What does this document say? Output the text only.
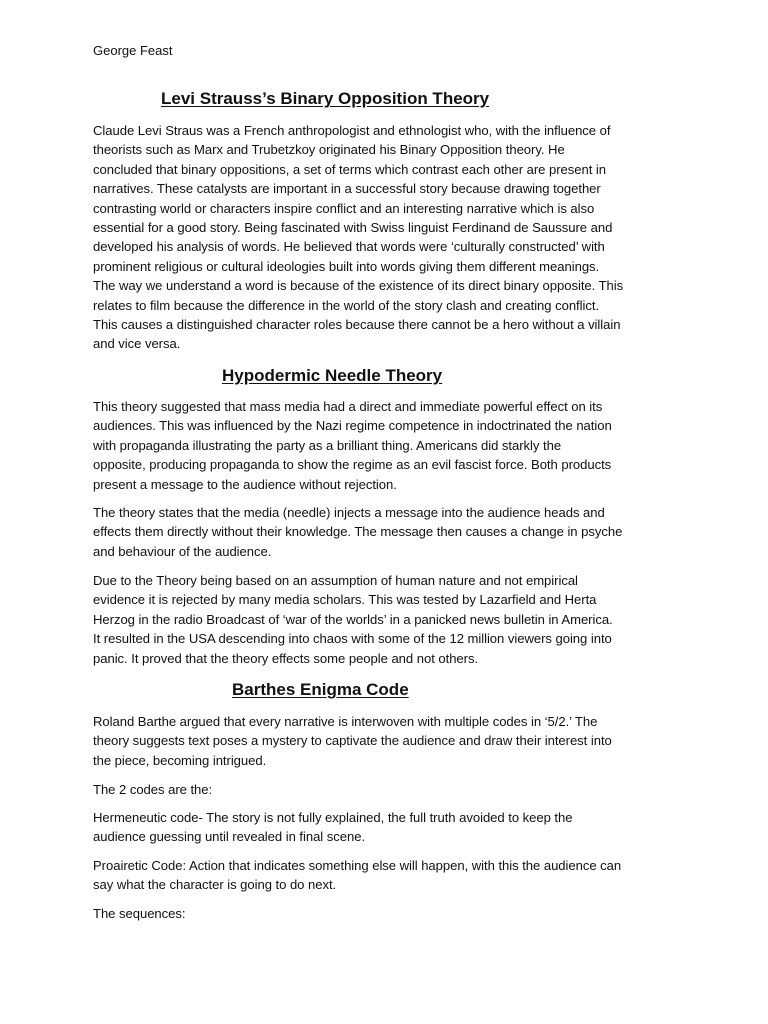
George Feast

Levi Strauss’s Binary Opposition Theory

Claude Levi Straus was a French anthropologist and ethnologist who, with the influence of
theorists such as Marx and Trubetzkoy originated his Binary Opposition theory. He
concluded that binary oppositions, a set of terms which contrast each other are present in
narratives. These catalysts are important in a successful story because drawing together
contrasting world or characters inspire conflict and an interesting narrative which is also
essential for a good story. Being fascinated with Swiss linguist Ferdinand de Saussure and
developed his analysis of words. He believed that words were ‘culturally constructed’ with
prominent religious or cultural ideologies built into words giving them different meanings.
The way we understand a word is because of the existence of its direct binary opposite. This
relates to film because the difference in the world of the story clash and creating conflict.
This causes a distinguished character roles because there cannot be a hero without a villain
and vice versa.

Hypodermic Needle Theory

This theory suggested that mass media had a direct and immediate powerful effect on its
audiences. This was influenced by the Nazi regime competence in indoctrinated the nation
with propaganda illustrating the party as a brilliant thing. Americans did starkly the
opposite, producing propaganda to show the regime as an evil fascist force. Both products
present a message to the audience without rejection.

The theory states that the media (needle) injects a message into the audience heads and
effects them directly without their knowledge. The message then causes a change in psyche
and behaviour of the audience.

Due to the Theory being based on an assumption of human nature and not empirical
evidence it is rejected by many media scholars. This was tested by Lazarfield and Herta
Herzog in the radio Broadcast of ‘war of the worlds’ in a panicked news bulletin in America.
It resulted in the USA descending into chaos with some of the 12 million viewers going into
panic. It proved that the theory effects some people and not others.

Barthes Enigma Code

Roland Barthe argued that every narrative is interwoven with multiple codes in ‘5/2.’ The
theory suggests text poses a mystery to captivate the audience and draw their interest into
the piece, becoming intrigued.

The 2 codes are the:

Hermeneutic code- The story is not fully explained, the full truth avoided to keep the
audience guessing until revealed in final scene.

Proairetic Code: Action that indicates something else will happen, with this the audience can
say what the character is going to do next.

The sequences:
